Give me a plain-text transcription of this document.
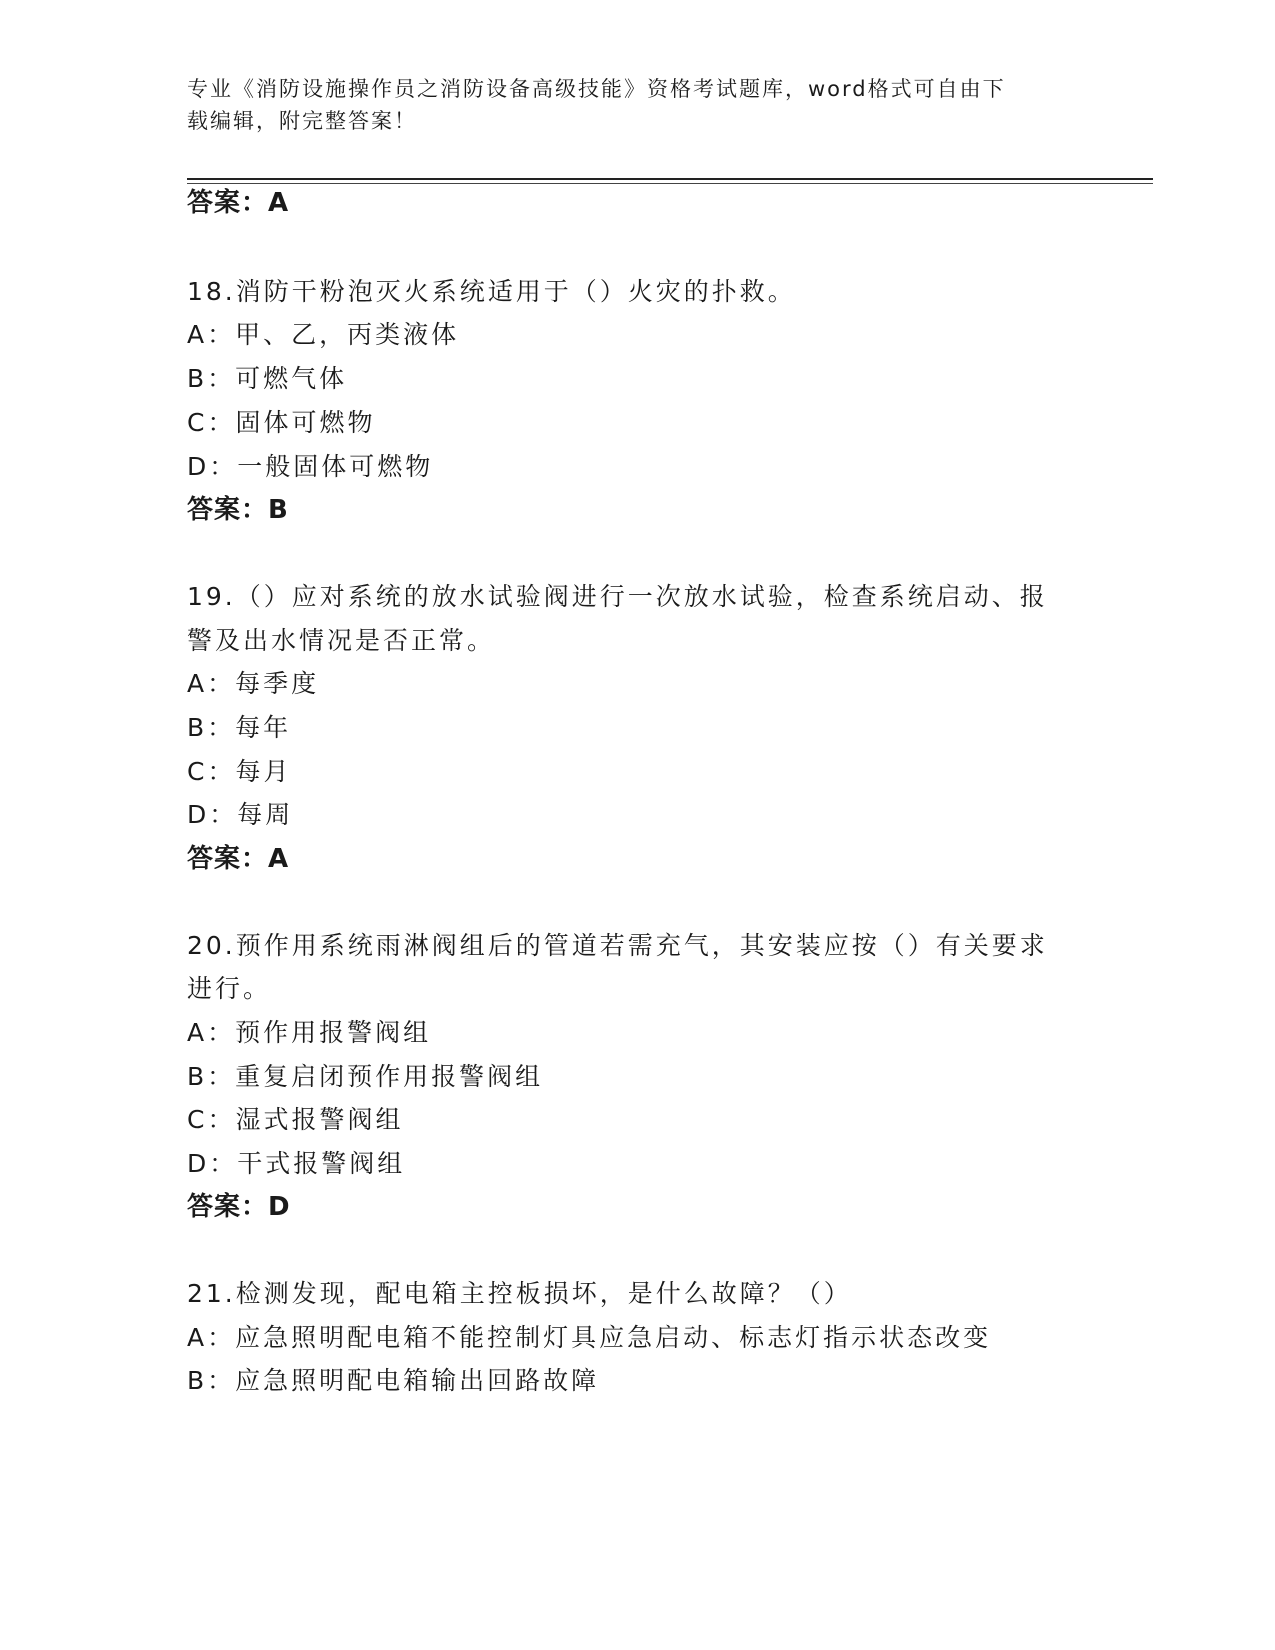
专业《消防设施操作员之消防设备高级技能》资格考试题库，word格式可自由下
载编辑，附完整答案！
答案：A
18.消防干粉泡灭火系统适用于（）火灾的扑救。
A：甲、乙，丙类液体
B：可燃气体
C：固体可燃物
D：一般固体可燃物
答案：B
19.（）应对系统的放水试验阀进行一次放水试验，检查系统启动、报
警及出水情况是否正常。
A：每季度
B：每年
C：每月
D：每周
答案：A
20.预作用系统雨淋阀组后的管道若需充气，其安装应按（）有关要求
进行。
A：预作用报警阀组
B：重复启闭预作用报警阀组
C：湿式报警阀组
D：干式报警阀组
答案：D
21.检测发现，配电箱主控板损坏，是什么故障？（）
A：应急照明配电箱不能控制灯具应急启动、标志灯指示状态改变
B：应急照明配电箱输出回路故障
